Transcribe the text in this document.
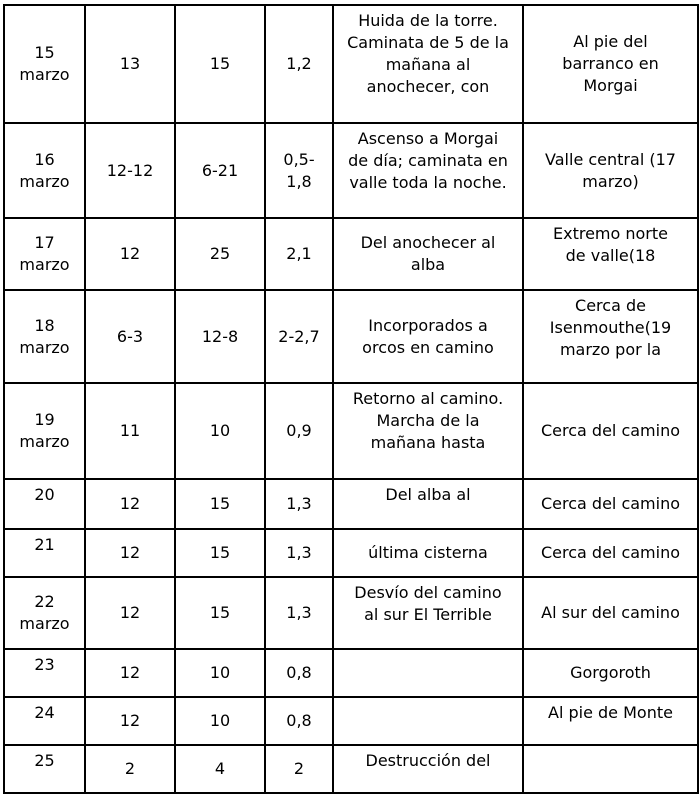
15
marzo	13	15	1,2	Huida de la torre.
Caminata de 5 de la
mañana al
anochecer, con	Al pie del
barranco en
Morgai

16
marzo	12-12	6-21	0,5-
1,8	Ascenso a Morgai
de día; caminata en
valle toda la noche.	Valle central (17
marzo)

17
marzo	12	25	2,1	Del anochecer al
alba	Extremo norte
de valle(18

18
marzo	6-3	12-8	2-2,7	Incorporados a
orcos en camino	Cerca de
Isenmouthe(19
marzo por la

19
marzo	11	10	0,9	Retorno al camino.
Marcha de la
mañana hasta	Cerca del camino

20	12	15	1,3	Del alba al	Cerca del camino

21	12	15	1,3	última cisterna	Cerca del camino

22
marzo	12	15	1,3	Desvío del camino
al sur El Terrible	Al sur del camino

23	12	10	0,8		Gorgoroth

24	12	10	0,8		Al pie de Monte

25	2	4	2	Destrucción del	
